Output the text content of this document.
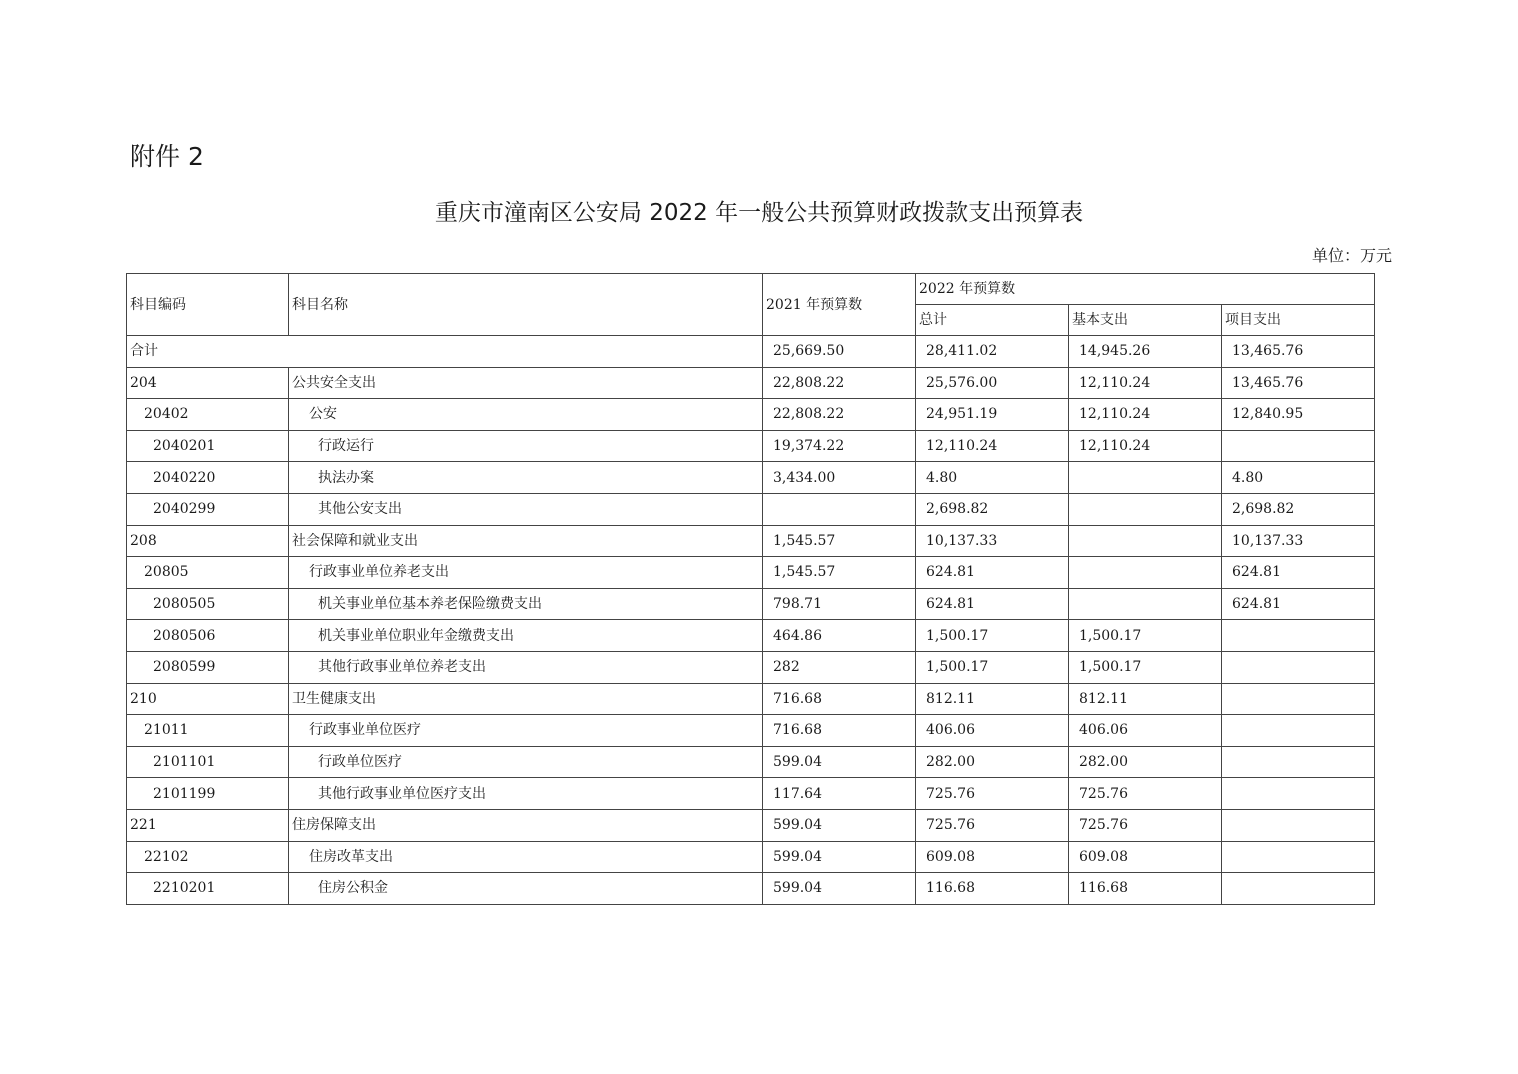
附件 2
重庆市潼南区公安局 2022 年一般公共预算财政拨款支出预算表
单位：万元
科目编码	科目名称	2021 年预算数	2022 年预算数		
			总计	基本支出	项目支出
合计		25,669.50	28,411.02	14,945.26	13,465.76
204	公共安全支出	22,808.22	25,576.00	12,110.24	13,465.76
20402	公安	22,808.22	24,951.19	12,110.24	12,840.95
2040201	行政运行	19,374.22	12,110.24	12,110.24	
2040220	执法办案	3,434.00	4.80		4.80
2040299	其他公安支出		2,698.82		2,698.82
208	社会保障和就业支出	1,545.57	10,137.33		10,137.33
20805	行政事业单位养老支出	1,545.57	624.81		624.81
2080505	机关事业单位基本养老保险缴费支出	798.71	624.81		624.81
2080506	机关事业单位职业年金缴费支出	464.86	1,500.17	1,500.17	
2080599	其他行政事业单位养老支出	282	1,500.17	1,500.17	
210	卫生健康支出	716.68	812.11	812.11	
21011	行政事业单位医疗	716.68	406.06	406.06	
2101101	行政单位医疗	599.04	282.00	282.00	
2101199	其他行政事业单位医疗支出	117.64	725.76	725.76	
221	住房保障支出	599.04	725.76	725.76	
22102	住房改革支出	599.04	609.08	609.08	
2210201	住房公积金	599.04	116.68	116.68	
